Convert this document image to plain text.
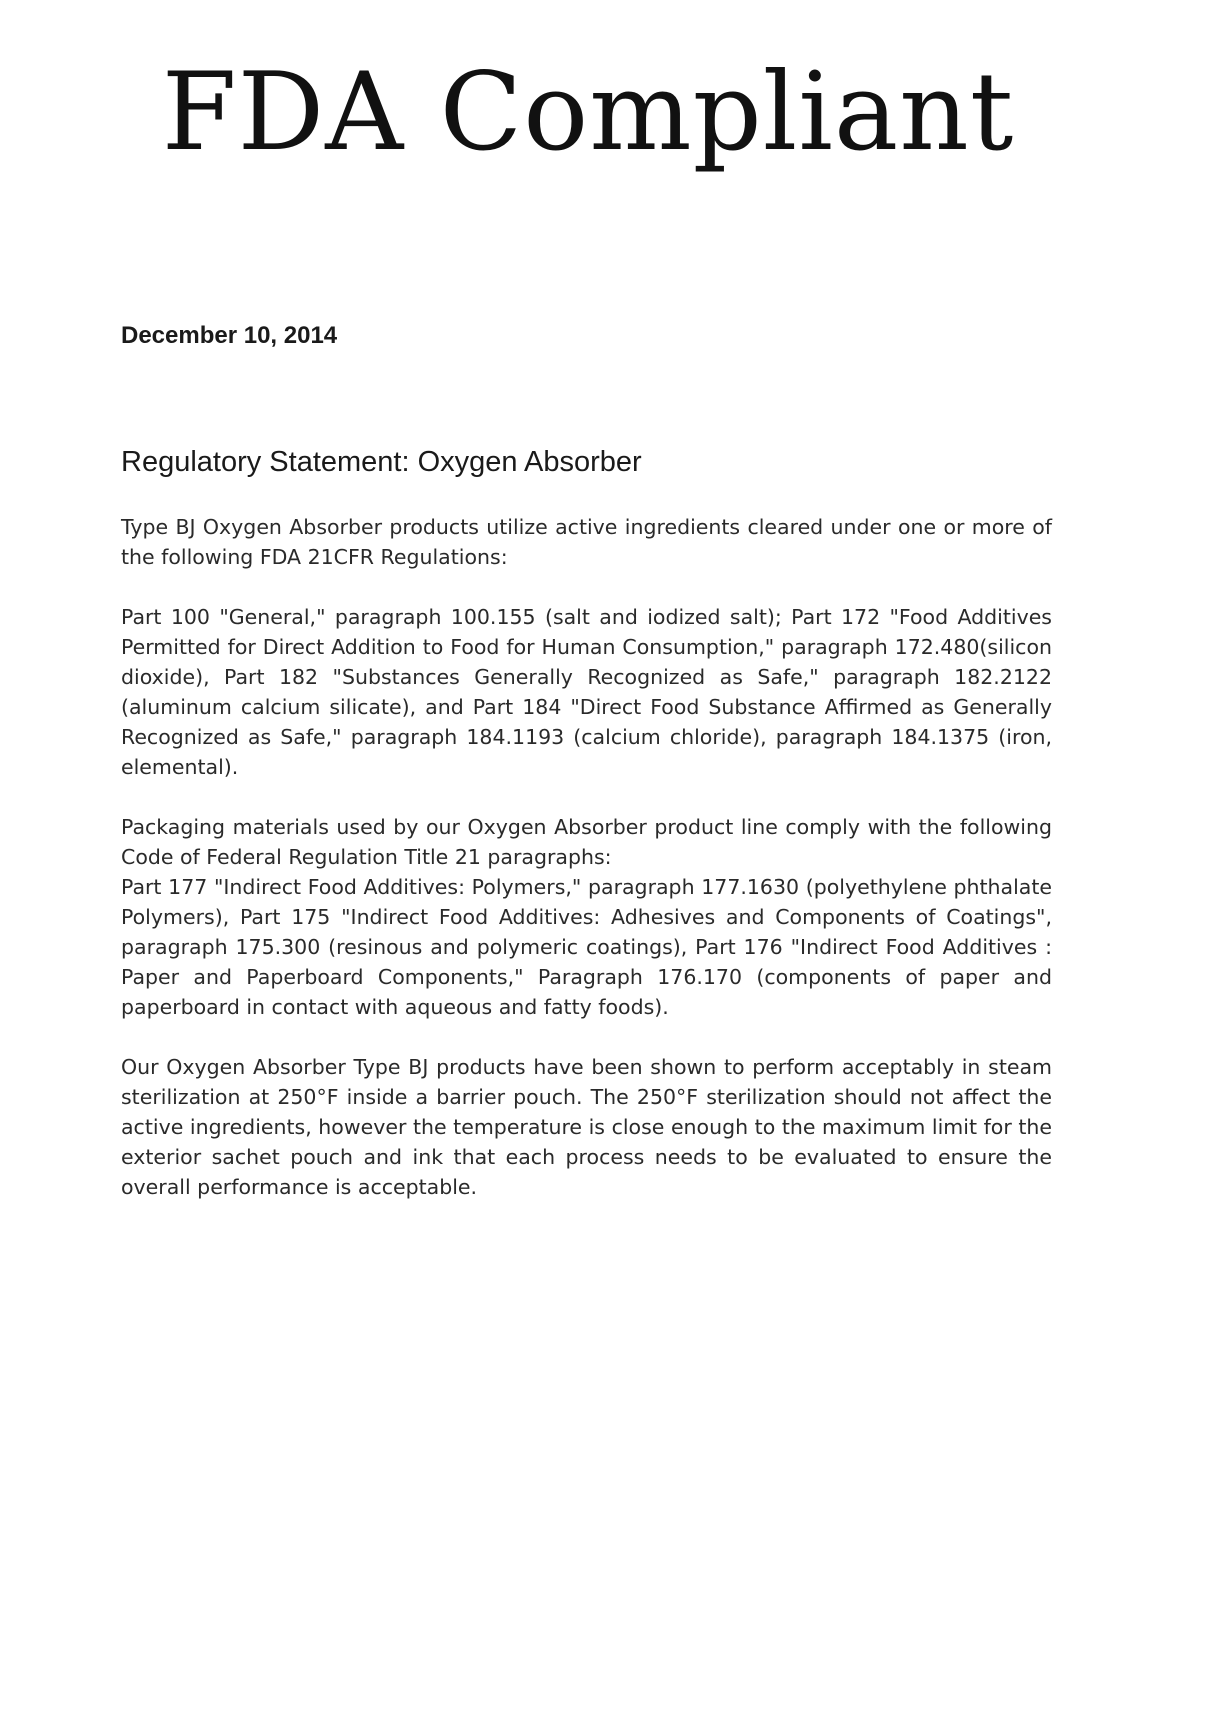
FDA Compliant

December 10, 2014

Regulatory Statement: Oxygen Absorber

Type BJ Oxygen Absorber products utilize active ingredients cleared under one or more of the following FDA 21CFR Regulations:

Part 100 "General," paragraph 100.155 (salt and iodized salt); Part 172 "Food Additives Permitted for Direct Addition to Food for Human Consumption," paragraph 172.480(silicon dioxide), Part 182 "Substances Generally Recognized as Safe," paragraph 182.2122 (aluminum calcium silicate), and Part 184 "Direct Food Substance Affirmed as Generally Recognized as Safe," paragraph 184.1193 (calcium chloride), paragraph 184.1375 (iron, elemental).

Packaging materials used by our Oxygen Absorber product line comply with the following Code of Federal Regulation Title 21 paragraphs:

Part 177 "Indirect Food Additives: Polymers," paragraph 177.1630 (polyethylene phthalate Polymers), Part 175 "Indirect Food Additives: Adhesives and Components of Coatings", paragraph 175.300 (resinous and polymeric coatings), Part 176 "Indirect Food Additives : Paper and Paperboard Components," Paragraph 176.170 (components of paper and paperboard in contact with aqueous and fatty foods).

Our Oxygen Absorber Type BJ products have been shown to perform acceptably in steam sterilization at 250°F inside a barrier pouch. The 250°F sterilization should not affect the active ingredients, however the temperature is close enough to the maximum limit for the exterior sachet pouch and ink that each process needs to be evaluated to ensure the overall performance is acceptable.
